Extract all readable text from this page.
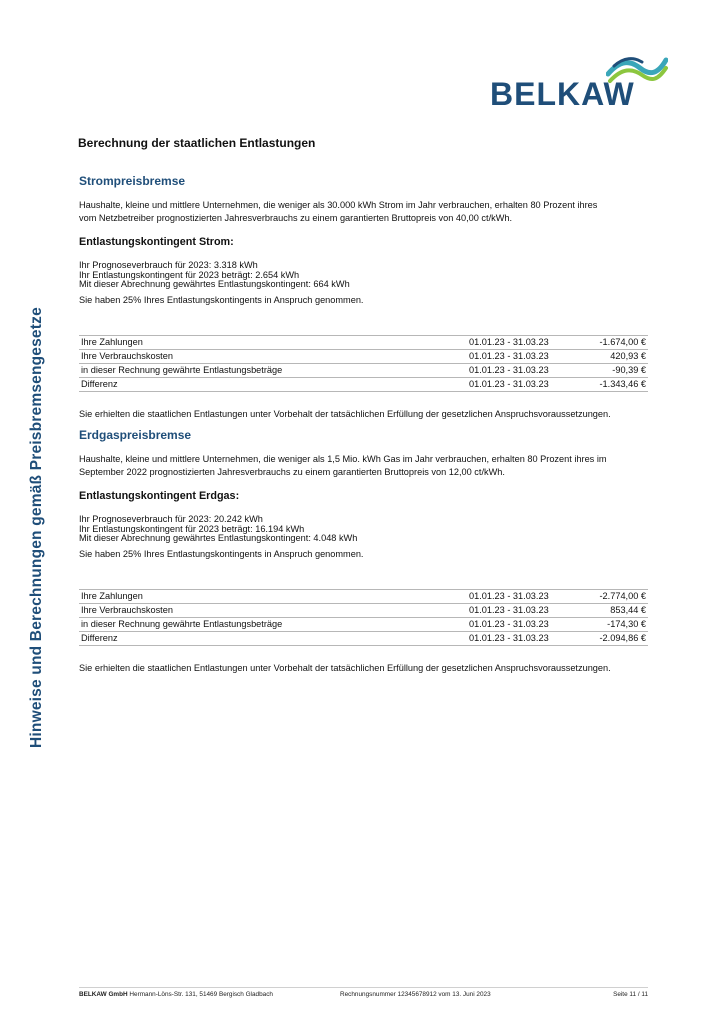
BELKAW
Hinweise und Berechnungen gemäß Preisbremsengesetze
Berechnung der staatlichen Entlastungen
Strompreisbremse
Haushalte, kleine und mittlere Unternehmen, die weniger als 30.000 kWh Strom im Jahr verbrauchen, erhalten 80 Prozent ihres
vom Netzbetreiber prognostizierten Jahresverbrauchs zu einem garantierten Bruttopreis von 40,00 ct/kWh.
Entlastungskontingent Strom:
Ihr Prognoseverbrauch für 2023: 3.318 kWh
Ihr Entlastungskontingent für 2023 beträgt: 2.654 kWh
Mit dieser Abrechnung gewährtes Entlastungskontingent: 664 kWh
Sie haben 25% Ihres Entlastungskontingents in Anspruch genommen.
Ihre Zahlungen	01.01.23 - 31.03.23	-1.674,00 €
Ihre Verbrauchskosten	01.01.23 - 31.03.23	420,93 €
in dieser Rechnung gewährte Entlastungsbeträge	01.01.23 - 31.03.23	-90,39 €
Differenz	01.01.23 - 31.03.23	-1.343,46 €
Sie erhielten die staatlichen Entlastungen unter Vorbehalt der tatsächlichen Erfüllung der gesetzlichen Anspruchsvoraussetzungen.
Erdgaspreisbremse
Haushalte, kleine und mittlere Unternehmen, die weniger als 1,5 Mio. kWh Gas im Jahr verbrauchen, erhalten 80 Prozent ihres im
September 2022 prognostizierten Jahresverbrauchs zu einem garantierten Bruttopreis von 12,00 ct/kWh.
Entlastungskontingent Erdgas:
Ihr Prognoseverbrauch für 2023: 20.242 kWh
Ihr Entlastungskontingent für 2023 beträgt: 16.194 kWh
Mit dieser Abrechnung gewährtes Entlastungskontingent: 4.048 kWh
Sie haben 25% Ihres Entlastungskontingents in Anspruch genommen.
Ihre Zahlungen	01.01.23 - 31.03.23	-2.774,00 €
Ihre Verbrauchskosten	01.01.23 - 31.03.23	853,44 €
in dieser Rechnung gewährte Entlastungsbeträge	01.01.23 - 31.03.23	-174,30 €
Differenz	01.01.23 - 31.03.23	-2.094,86 €
Sie erhielten die staatlichen Entlastungen unter Vorbehalt der tatsächlichen Erfüllung der gesetzlichen Anspruchsvoraussetzungen.
BELKAW GmbH Hermann-Löns-Str. 131, 51469 Bergisch Gladbach	Rechnungsnummer 12345678912 vom 13. Juni 2023	Seite 11 / 11
